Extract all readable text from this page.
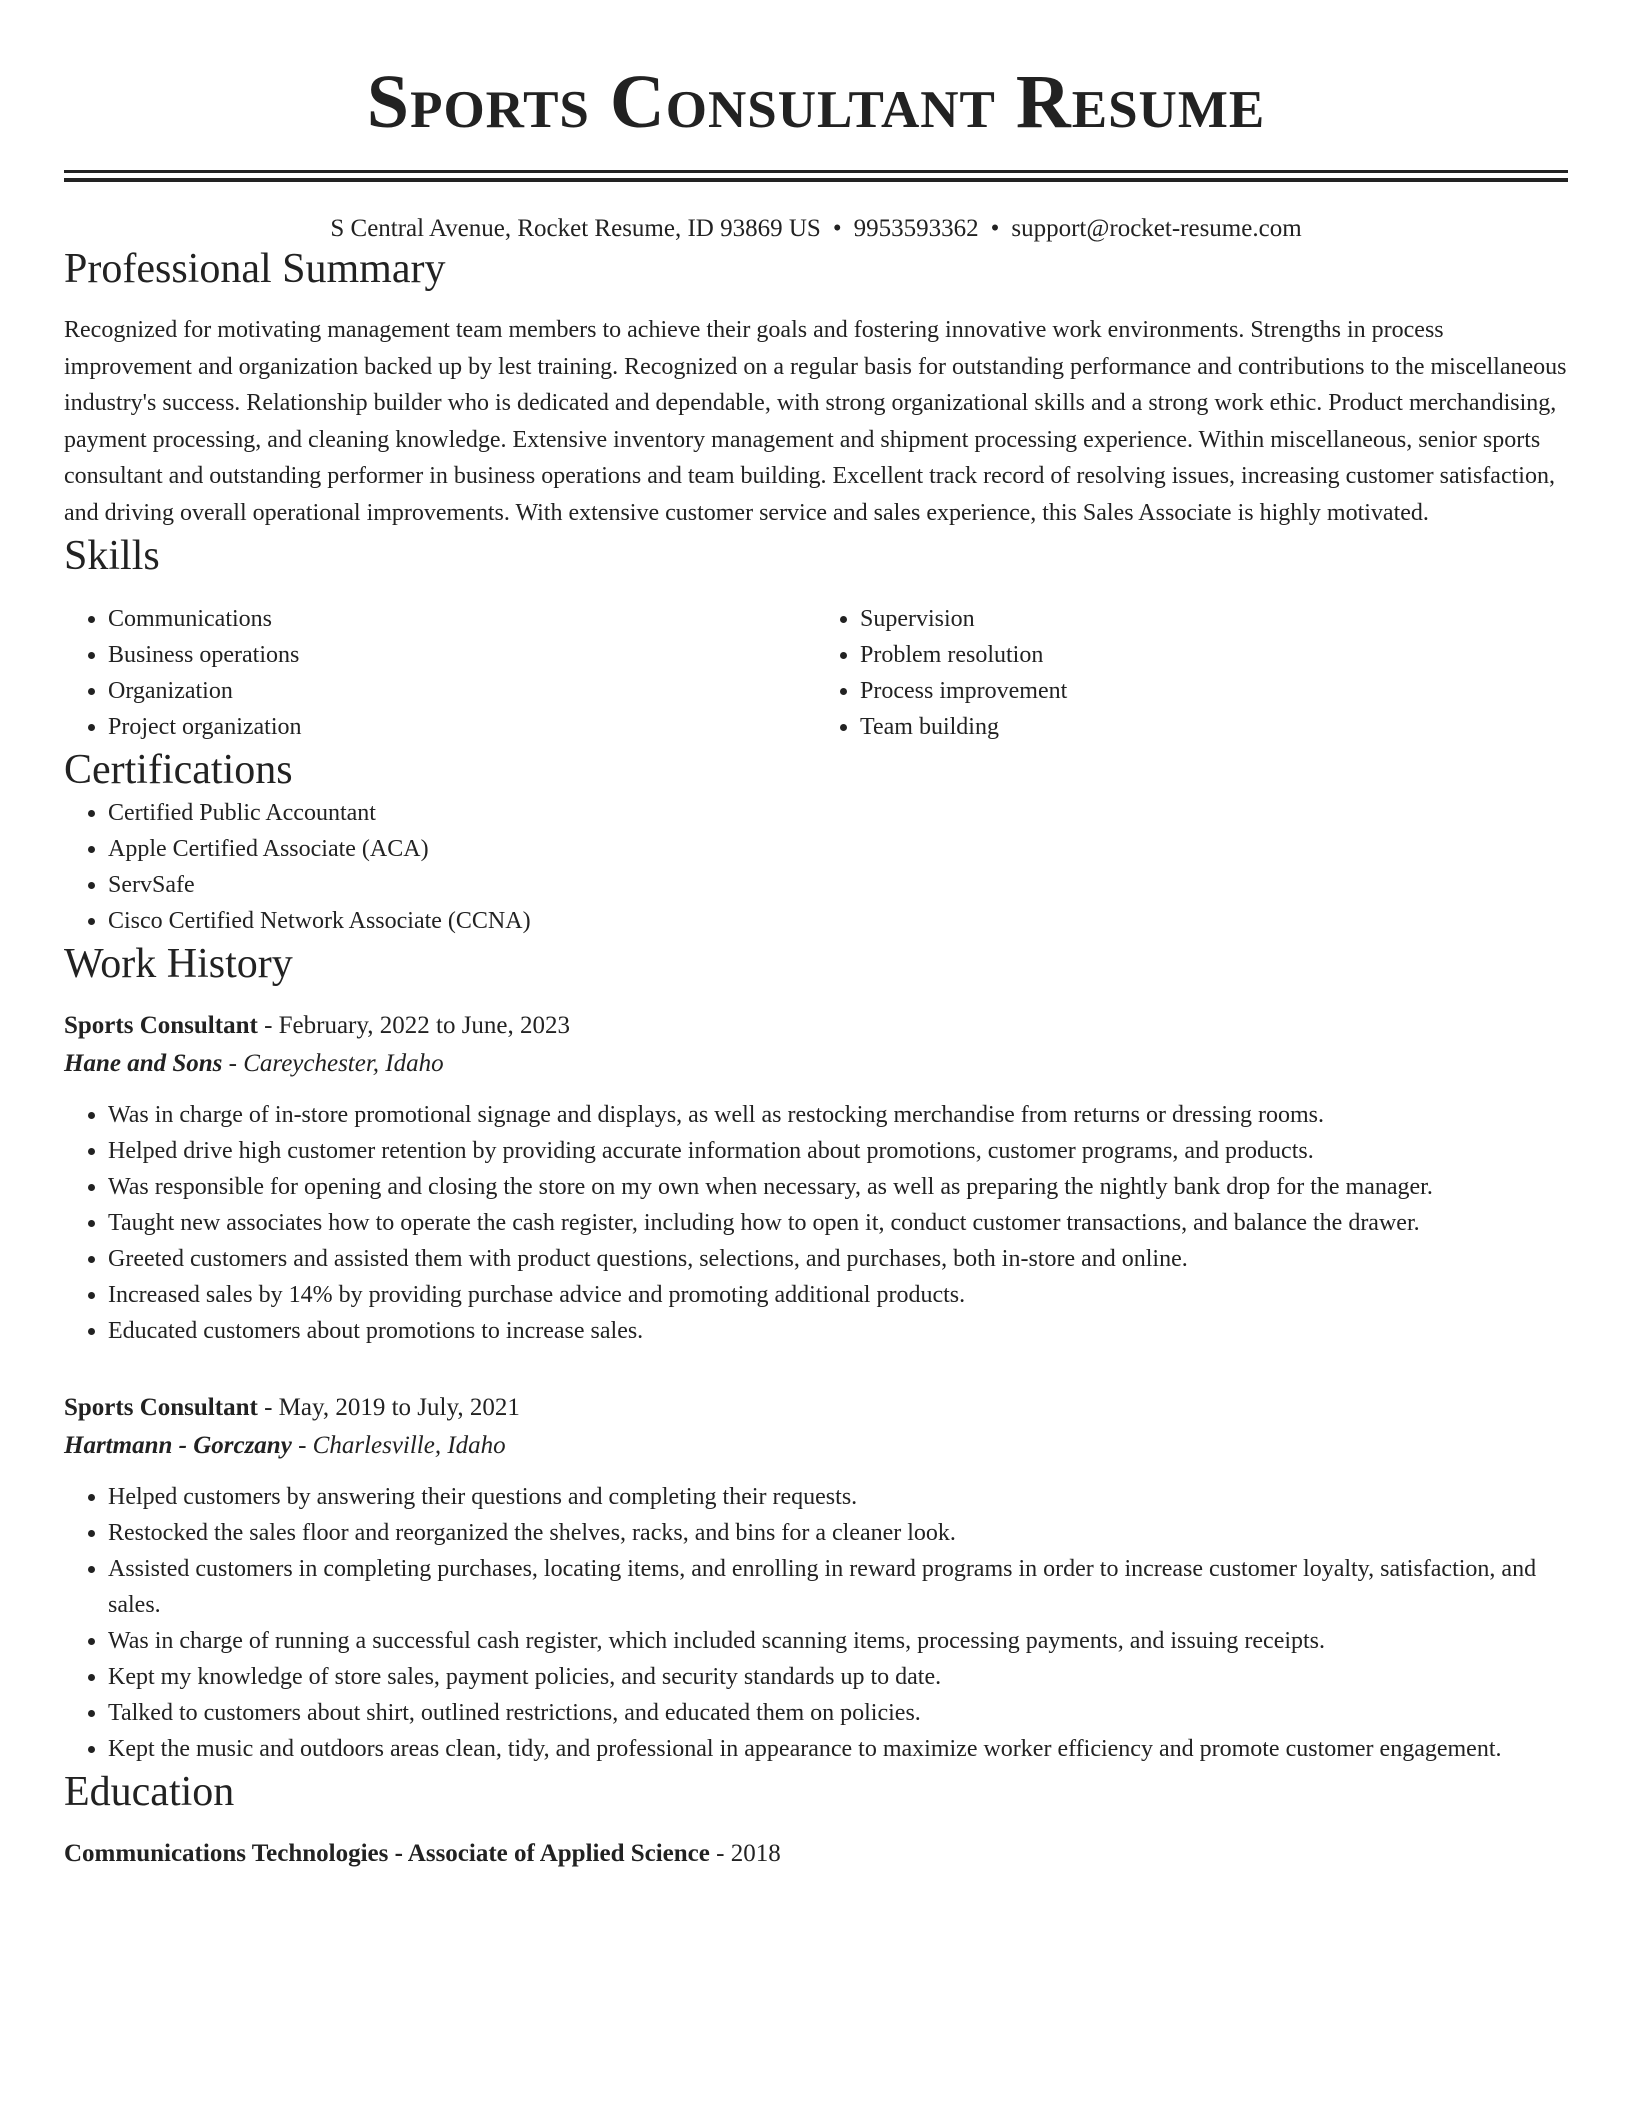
Sports Consultant Resume
S Central Avenue, Rocket Resume, ID 93869 US • 9953593362 • support@rocket-resume.com
Professional Summary

Recognized for motivating management team members to achieve their goals and fostering innovative work environments. Strengths in process improvement and organization backed up by lest training. Recognized on a regular basis for outstanding performance and contributions to the miscellaneous industry's success. Relationship builder who is dedicated and dependable, with strong organizational skills and a strong work ethic. Product merchandising, payment processing, and cleaning knowledge. Extensive inventory management and shipment processing experience. Within miscellaneous, senior sports consultant and outstanding performer in business operations and team building. Excellent track record of resolving issues, increasing customer satisfaction, and driving overall operational improvements. With extensive customer service and sales experience, this Sales Associate is highly motivated.

Skills
• Communications
• Business operations
• Organization
• Project organization
• Supervision
• Problem resolution
• Process improvement
• Team building
Certifications
• Certified Public Accountant
• Apple Certified Associate (ACA)
• ServSafe
• Cisco Certified Network Associate (CCNA)
Work History
Sports Consultant - February, 2022 to June, 2023
Hane and Sons - Careychester, Idaho
• Was in charge of in-store promotional signage and displays, as well as restocking merchandise from returns or dressing rooms.
• Helped drive high customer retention by providing accurate information about promotions, customer programs, and products.
• Was responsible for opening and closing the store on my own when necessary, as well as preparing the nightly bank drop for the manager.
• Taught new associates how to operate the cash register, including how to open it, conduct customer transactions, and balance the drawer.
• Greeted customers and assisted them with product questions, selections, and purchases, both in-store and online.
• Increased sales by 14% by providing purchase advice and promoting additional products.
• Educated customers about promotions to increase sales.
Sports Consultant - May, 2019 to July, 2021
Hartmann - Gorczany - Charlesville, Idaho
• Helped customers by answering their questions and completing their requests.
• Restocked the sales floor and reorganized the shelves, racks, and bins for a cleaner look.
• Assisted customers in completing purchases, locating items, and enrolling in reward programs in order to increase customer loyalty, satisfaction, and sales.
• Was in charge of running a successful cash register, which included scanning items, processing payments, and issuing receipts.
• Kept my knowledge of store sales, payment policies, and security standards up to date.
• Talked to customers about shirt, outlined restrictions, and educated them on policies.
• Kept the music and outdoors areas clean, tidy, and professional in appearance to maximize worker efficiency and promote customer engagement.
Education
Communications Technologies - Associate of Applied Science - 2018
